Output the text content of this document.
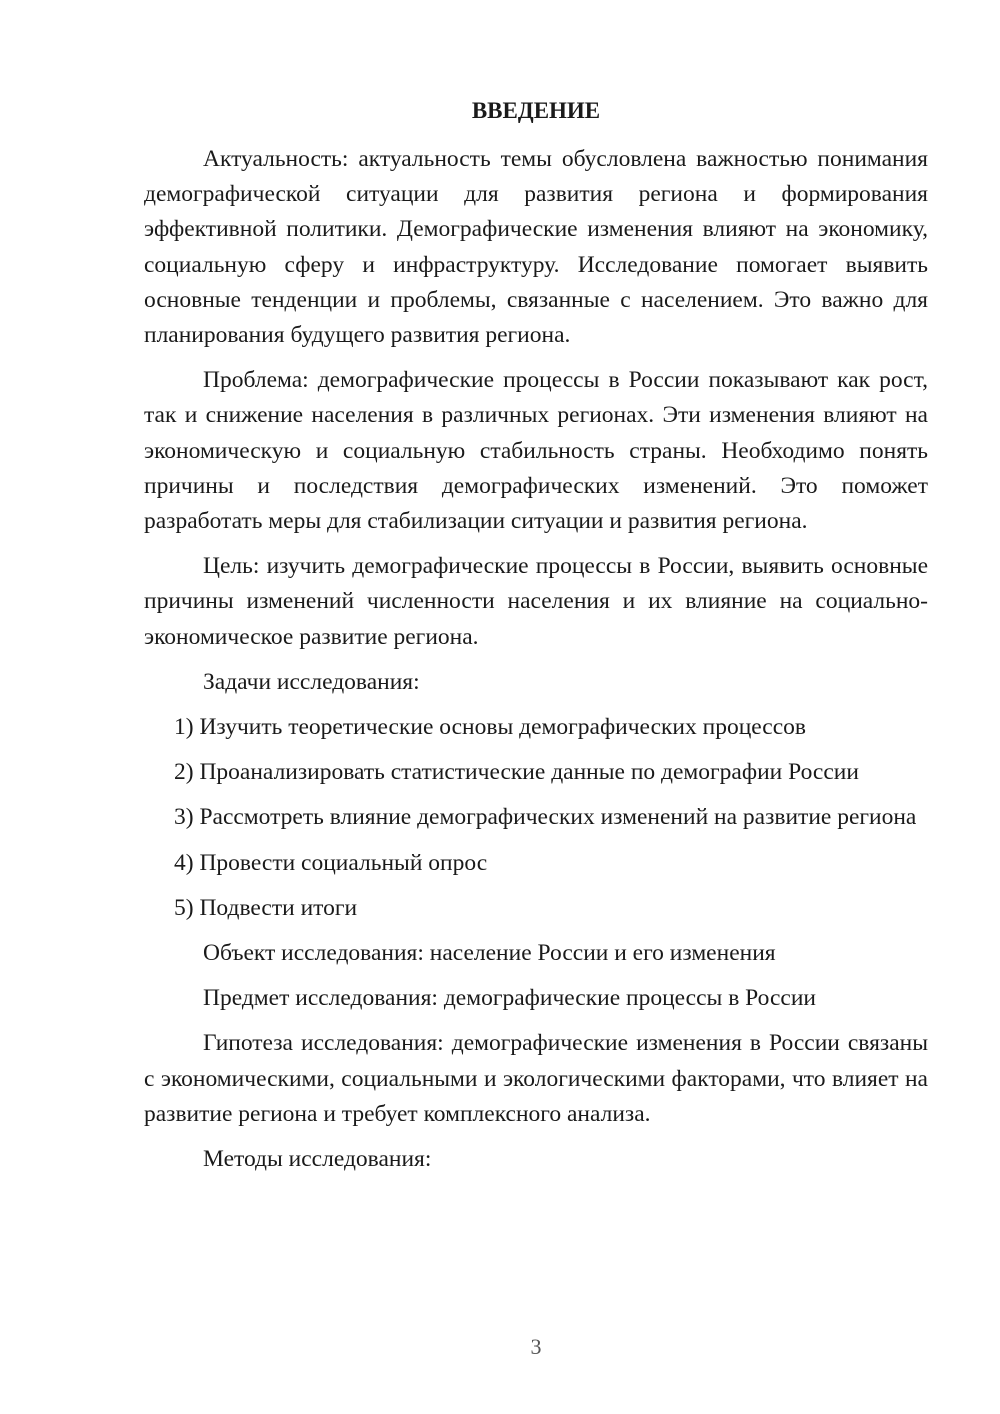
ВВЕДЕНИЕ

Актуальность: актуальность темы обусловлена важностью понимания демографической ситуации для развития региона и формирования эффективной политики. Демографические изменения влияют на экономику, социальную сферу и инфраструктуру. Исследование помогает выявить основные тенденции и проблемы, связанные с населением. Это важно для планирования будущего развития региона.

Проблема: демографические процессы в России показывают как рост, так и снижение населения в различных регионах. Эти изменения влияют на экономическую и социальную стабильность страны. Необходимо понять причины и последствия демографических изменений. Это поможет разработать меры для стабилизации ситуации и развития региона.

Цель: изучить демографические процессы в России, выявить основные причины изменений численности населения и их влияние на социально-экономическое развитие региона.

Задачи исследования:

1) Изучить теоретические основы демографических процессов

2) Проанализировать статистические данные по демографии России

3) Рассмотреть влияние демографических изменений на развитие региона

4) Провести социальный опрос

5) Подвести итоги

Объект исследования: население России и его изменения

Предмет исследования: демографические процессы в России

Гипотеза исследования: демографические изменения в России связаны с экономическими, социальными и экологическими факторами, что влияет на развитие региона и требует комплексного анализа.

Методы исследования:

3
